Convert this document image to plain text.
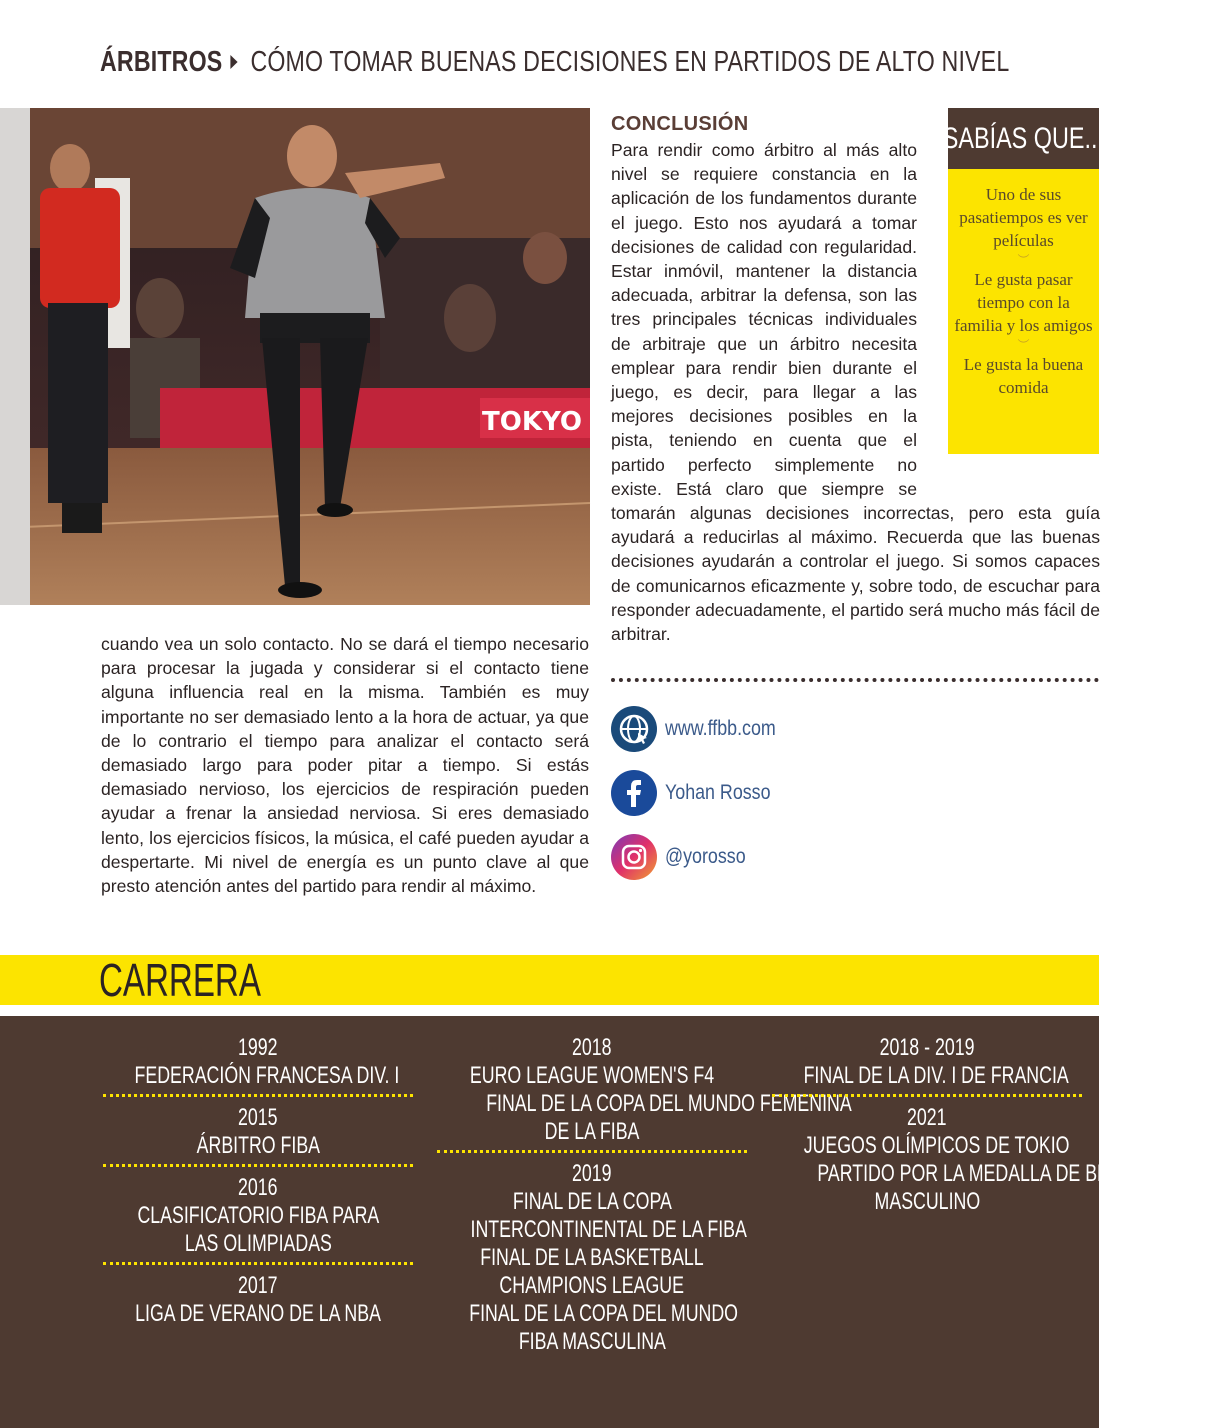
ÁRBITROS CÓMO TOMAR BUENAS DECISIONES EN PARTIDOS DE ALTO NIVEL
TOKYO 2
cuando vea un solo contacto. No se dará el tiempo necesario para procesar la jugada y considerar si el contacto tiene alguna influencia real en la misma. También es muy importante no ser demasiado lento a la hora de actuar, ya que de lo contrario el tiempo para analizar el contacto será demasiado largo para poder pitar a tiempo. Si estás demasiado nervioso, los ejercicios de respiración pueden ayudar a frenar la ansiedad nerviosa. Si eres demasiado lento, los ejercicios físicos, la música, el café pueden ayudar a despertarte. Mi nivel de energía es un punto clave al que presto atención antes del partido para rendir al máximo.
CONCLUSIÓN
Para rendir como árbitro al más alto nivel se requiere constancia en la aplicación de los fundamentos durante el juego. Esto nos ayudará a tomar decisiones de calidad con regularidad. Estar inmóvil, mantener la distancia adecuada, arbitrar la defensa, son las tres principales técnicas individuales de arbitraje que un árbitro necesita emplear para rendir bien durante el juego, es decir, para llegar a las mejores decisiones posibles en la pista, teniendo en cuenta que el partido perfecto simplemente no existe. Está claro que siempre se tomarán algunas decisiones incorrectas, pero esta guía ayudará a reducirlas al máximo. Recuerda que las buenas decisiones ayudarán a controlar el juego. Si somos capaces de comunicarnos eficazmente y, sobre todo, de escuchar para responder adecuadamente, el partido será mucho más fácil de arbitrar.
SABÍAS QUE...
Uno de sus pasatiempos es ver películas
︶
Le gusta pasar tiempo con la familia y los amigos
︶
Le gusta la buena comida
www.ffbb.com
Yohan Rosso
@yorosso
CARRERA
1992
FEDERACIÓN FRANCESA DIV. I
2015
ÁRBITRO FIBA
2016
CLASIFICATORIO FIBA PARA
LAS OLIMPIADAS
2017
LIGA DE VERANO DE LA NBA
2018
EURO LEAGUE WOMEN'S F4
FINAL DE LA COPA DEL MUNDO FEMENINA
DE LA FIBA
2019
FINAL DE LA COPA
INTERCONTINENTAL DE LA FIBA
FINAL DE LA BASKETBALL
CHAMPIONS LEAGUE
FINAL DE LA COPA DEL MUNDO
FIBA MASCULINA
2018 - 2019
FINAL DE LA DIV. I DE FRANCIA
2021
JUEGOS OLÍMPICOS DE TOKIO
PARTIDO POR LA MEDALLA DE BRONCE
MASCULINO
